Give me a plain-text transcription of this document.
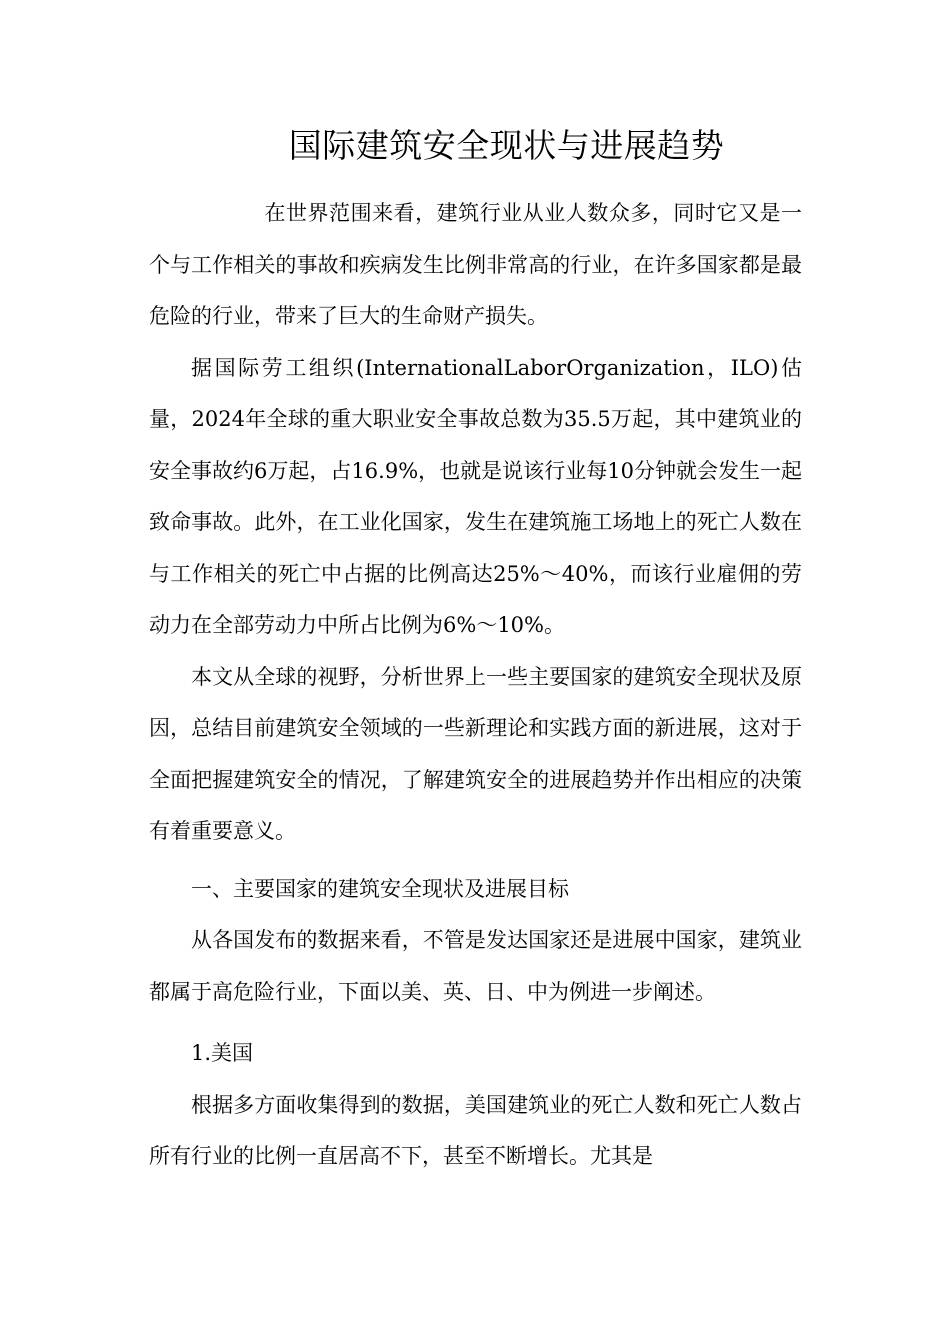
国际建筑安全现状与进展趋势

在世界范围来看，建筑行业从业人数众多，同时它又是一个与工作相关的事故和疾病发生比例非常高的行业，在许多国家都是最危险的行业，带来了巨大的生命财产损失。

据国际劳工组织(InternationalLaborOrganization，ILO)估量，2024年全球的重大职业安全事故总数为35.5万起，其中建筑业的安全事故约6万起，占16.9%，也就是说该行业每10分钟就会发生一起致命事故。此外，在工业化国家，发生在建筑施工场地上的死亡人数在与工作相关的死亡中占据的比例高达25%～40%，而该行业雇佣的劳动力在全部劳动力中所占比例为6%～10%。

本文从全球的视野，分析世界上一些主要国家的建筑安全现状及原因，总结目前建筑安全领域的一些新理论和实践方面的新进展，这对于全面把握建筑安全的情况，了解建筑安全的进展趋势并作出相应的决策有着重要意义。

一、主要国家的建筑安全现状及进展目标

从各国发布的数据来看，不管是发达国家还是进展中国家，建筑业都属于高危险行业，下面以美、英、日、中为例进一步阐述。

1.美国

根据多方面收集得到的数据，美国建筑业的死亡人数和死亡人数占所有行业的比例一直居高不下，甚至不断增长。尤其是
